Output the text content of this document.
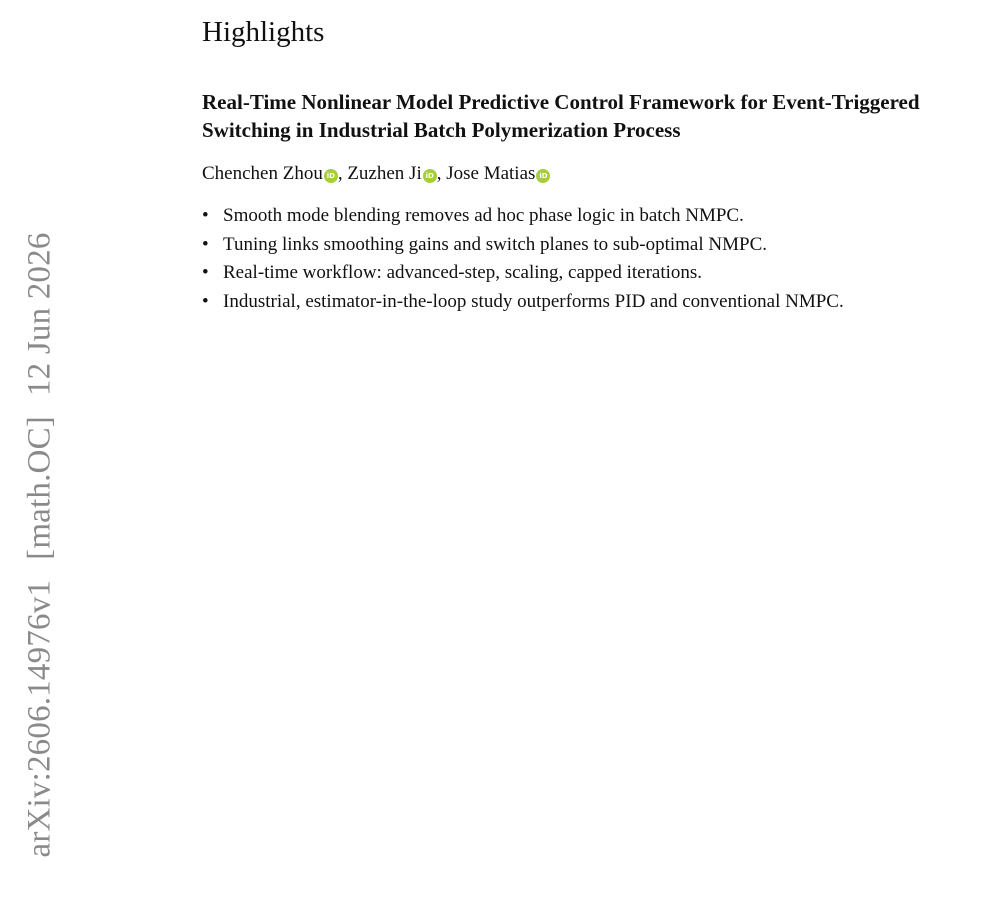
arXiv:2606.14976v1[math.OC]12 Jun 2026
Highlights
Real-Time Nonlinear Model Predictive Control Framework for Event-Triggered Switching in Industrial Batch Polymerization Process
Chenchen Zhou iD , Zuzhen Ji iD , Jose Matias iD
• Smooth mode blending removes ad hoc phase logic in batch NMPC.
• Tuning links smoothing gains and switch planes to sub-optimal NMPC.
• Real-time workflow: advanced-step, scaling, capped iterations.
• Industrial, estimator-in-the-loop study outperforms PID and conventional NMPC.
